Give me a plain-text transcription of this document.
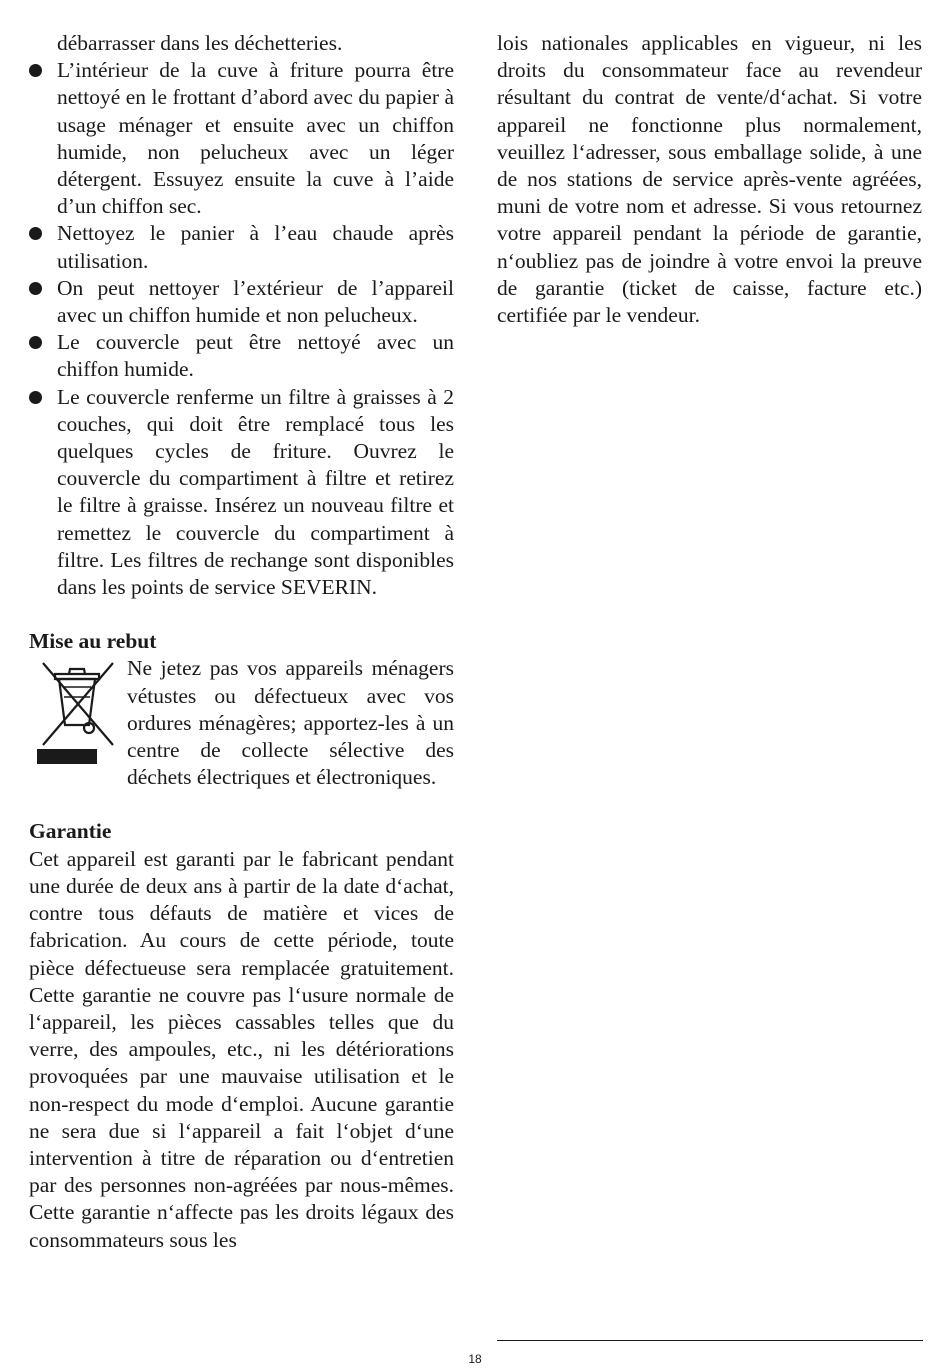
débarrasser dans les déchetteries.

L’intérieur de la cuve à friture pourra être nettoyé en le frottant d’abord avec du papier à usage ménager et ensuite avec un chiffon humide, non pelucheux avec un léger détergent. Essuyez ensuite la cuve à l’aide d’un chiffon sec.
Nettoyez le panier à l’eau chaude après utilisation.
On peut nettoyer l’extérieur de l’appareil avec un chiffon humide et non pelucheux.
Le couvercle peut être nettoyé avec un chiffon humide.
Le couvercle renferme un filtre à graisses à 2 couches, qui doit être remplacé tous les quelques cycles de friture. Ouvrez le couvercle du compartiment à filtre et retirez le filtre à graisse. Insérez un nouveau filtre et remettez le couvercle du compartiment à filtre. Les filtres de rechange sont disponibles dans les points de service SEVERIN.
Mise au rebut

Ne jetez pas vos appareils ménagers vétustes ou défectueux avec vos ordures ménagères; apportez-les à un centre de collecte sélective des déchets électriques et électroniques.

Garantie

Cet appareil est garanti par le fabricant pendant une durée de deux ans à partir de la date d‘achat, contre tous défauts de matière et vices de fabrication. Au cours de cette période, toute pièce défectueuse sera remplacée gratuitement. Cette garantie ne couvre pas l‘usure normale de l‘appareil, les pièces cassables telles que du verre, des ampoules, etc., ni les détériorations provoquées par une mauvaise utilisation et le non-respect du mode d‘emploi. Aucune garantie ne sera due si l‘appareil a fait l‘objet d‘une intervention à titre de réparation ou d‘entretien par des personnes non-agréées par nous-mêmes. Cette garantie n‘affecte pas les droits légaux des consommateurs sous les

lois nationales applicables en vigueur, ni les droits du consommateur face au revendeur résultant du contrat de vente/d‘achat. Si votre appareil ne fonctionne plus normalement, veuillez l‘adresser, sous emballage solide, à une de nos stations de service après-vente agréées, muni de votre nom et adresse. Si vous retournez votre appareil pendant la période de garantie, n‘oubliez pas de joindre à votre envoi la preuve de garantie (ticket de caisse, facture etc.) certifiée par le vendeur.

18
